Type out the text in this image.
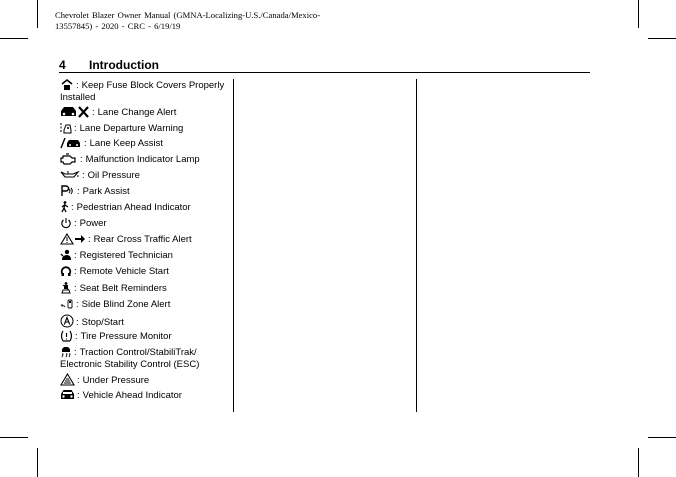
Chevrolet Blazer Owner Manual (GMNA-Localizing-U.S./Canada/Mexico-
13557845) - 2020 - CRC - 6/19/19
4 Introduction
: Keep Fuse Block Covers Properly Installed
: Lane Change Alert
: Lane Departure Warning
: Lane Keep Assist
: Malfunction Indicator Lamp
: Oil Pressure
: Park Assist
: Pedestrian Ahead Indicator
: Power
: Rear Cross Traffic Alert
: Registered Technician
: Remote Vehicle Start
: Seat Belt Reminders
: Side Blind Zone Alert
: Stop/Start
: Tire Pressure Monitor
: Traction Control/StabiliTrak/ Electronic Stability Control (ESC)
: Under Pressure
: Vehicle Ahead Indicator
